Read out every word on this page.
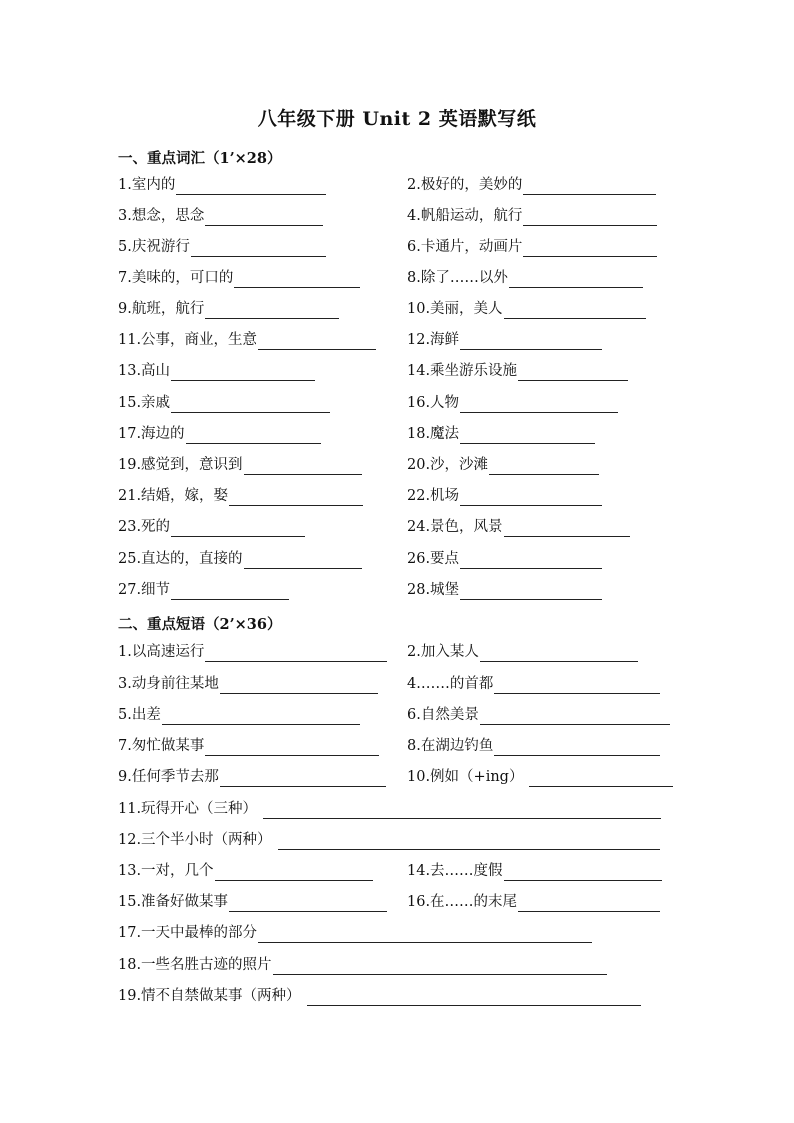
八年级下册 Unit 2 英语默写纸
一、重点词汇（1’×28）
1.室内的	2.极好的，美妙的
3.想念，思念	4.帆船运动，航行
5.庆祝游行	6.卡通片，动画片
7.美味的，可口的	8.除了……以外
9.航班，航行	10.美丽，美人
11.公事，商业，生意	12.海鲜
13.高山	14.乘坐游乐设施
15.亲戚	16.人物
17.海边的	18.魔法
19.感觉到，意识到	20.沙，沙滩
21.结婚，嫁，娶	22.机场
23.死的	24.景色，风景
25.直达的，直接的	26.要点
27.细节	28.城堡
二、重点短语（2’×36）
1.以高速运行	2.加入某人
3.动身前往某地	4.……的首都
5.出差	6.自然美景
7.匆忙做某事	8.在湖边钓鱼
9.任何季节去那	10.例如（+ing）
11.玩得开心（三种）
12.三个半小时（两种）
13.一对，几个	14.去……度假
15.准备好做某事	16.在……的末尾
17.一天中最棒的部分
18.一些名胜古迹的照片
19.情不自禁做某事（两种）
